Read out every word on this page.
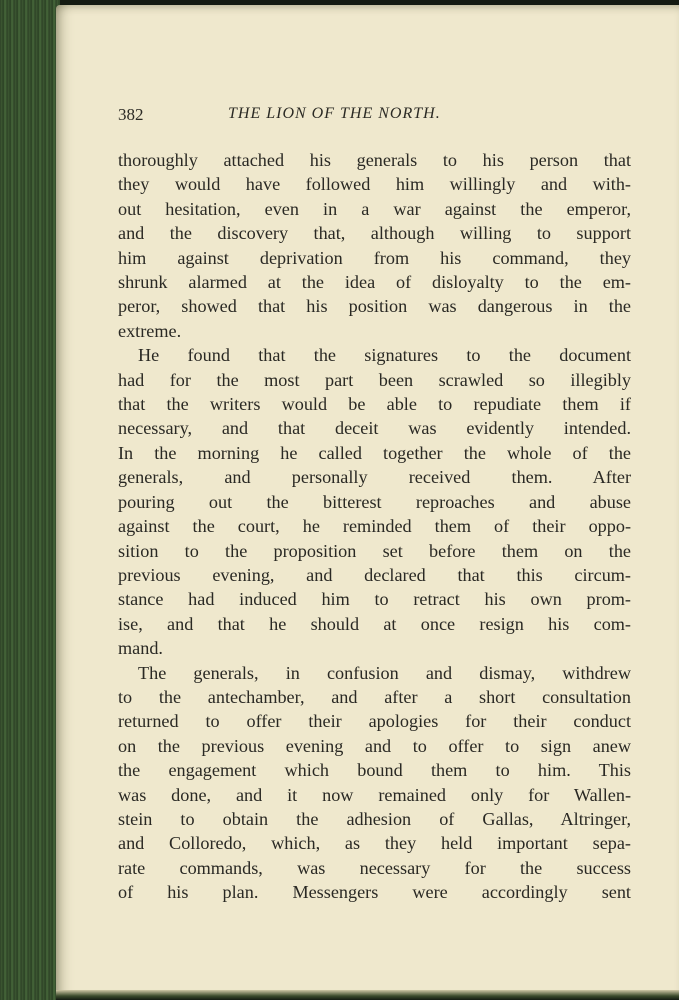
382	THE LION OF THE NORTH.

thoroughly attached his generals to his person that
they would have followed him willingly and with-
out hesitation, even in a war against the emperor,
and the discovery that, although willing to support
him against deprivation from his command, they
shrunk alarmed at the idea of disloyalty to the em-
peror, showed that his position was dangerous in the
extreme.

He found that the signatures to the document
had for the most part been scrawled so illegibly
that the writers would be able to repudiate them if
necessary, and that deceit was evidently intended.
In the morning he called together the whole of the
generals, and personally received them. After
pouring out the bitterest reproaches and abuse
against the court, he reminded them of their oppo-
sition to the proposition set before them on the
previous evening, and declared that this circum-
stance had induced him to retract his own prom-
ise, and that he should at once resign his com-
mand.

The generals, in confusion and dismay, withdrew
to the antechamber, and after a short consultation
returned to offer their apologies for their conduct
on the previous evening and to offer to sign anew
the engagement which bound them to him. This
was done, and it now remained only for Wallen-
stein to obtain the adhesion of Gallas, Altringer,
and Colloredo, which, as they held important sepa-
rate commands, was necessary for the success
of his plan. Messengers were accordingly sent
